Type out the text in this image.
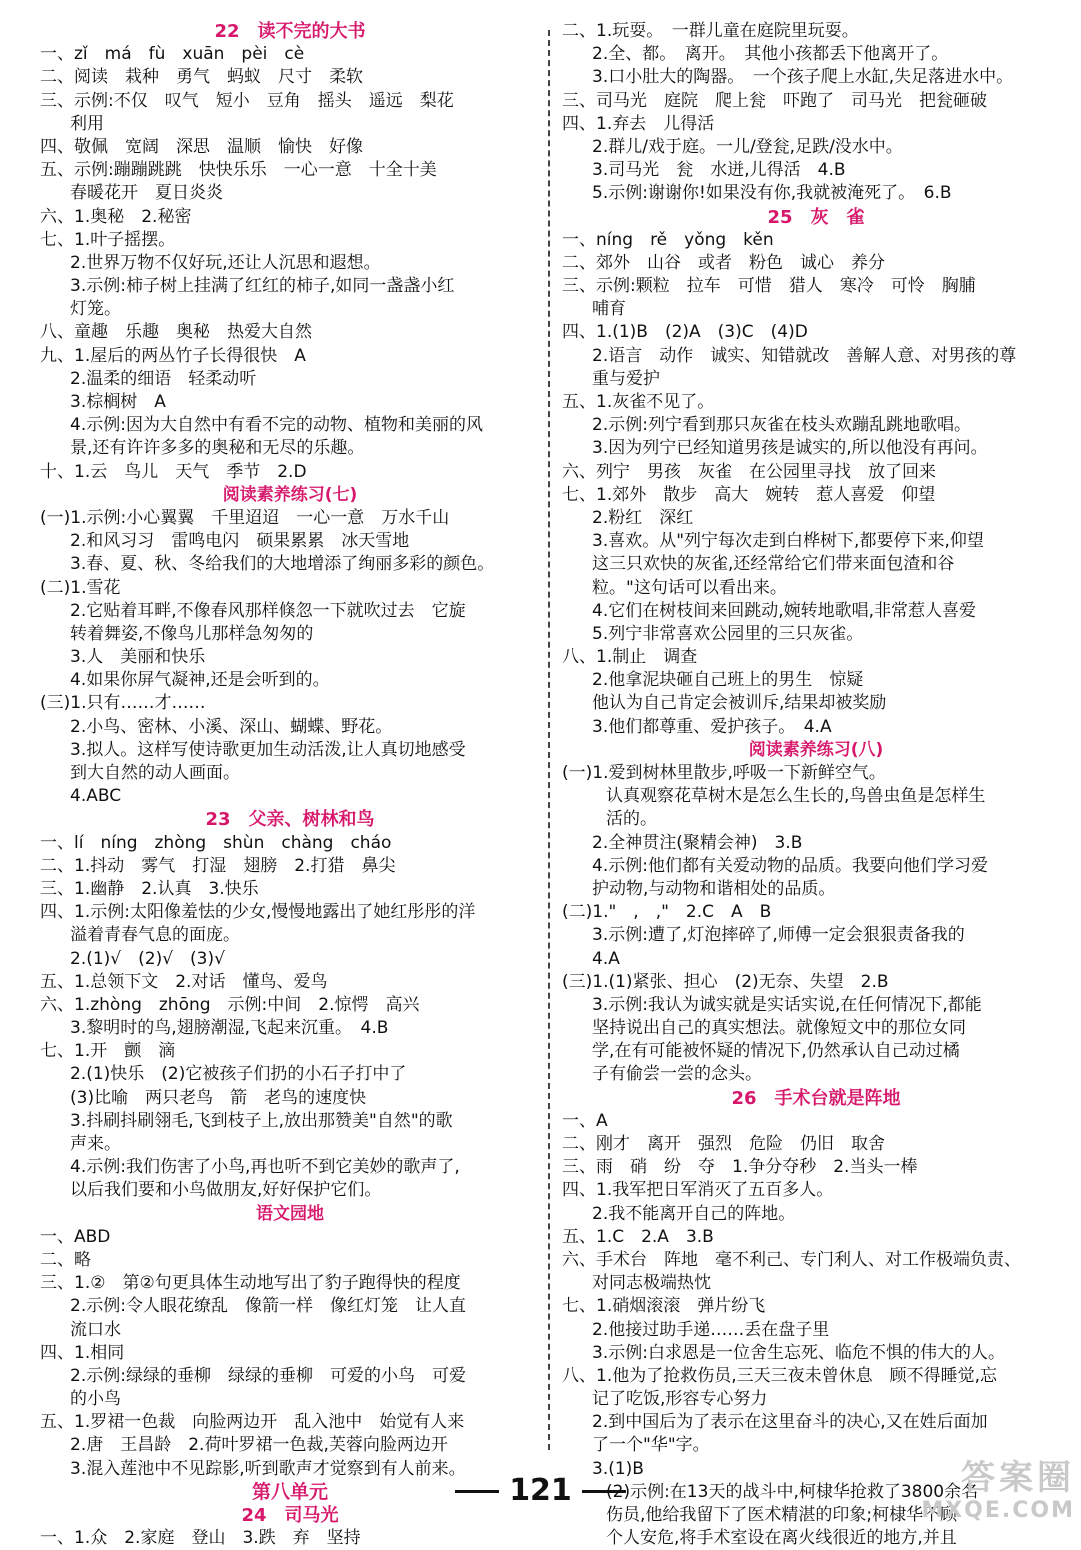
22　读不完的大书
一、zǐ　má　fù　xuān　pèi　cè
二、阅读　栽种　勇气　蚂蚁　尺寸　柔软
三、示例:不仅　叹气　短小　豆角　摇头　遥远　梨花
利用
四、敬佩　宽阔　深思　温顺　愉快　好像
五、示例:蹦蹦跳跳　快快乐乐　一心一意　十全十美
春暖花开　夏日炎炎
六、1.奥秘　2.秘密
七、1.叶子摇摆。
2.世界万物不仅好玩,还让人沉思和遐想。
3.示例:柿子树上挂满了红红的柿子,如同一盏盏小红
灯笼。
八、童趣　乐趣　奥秘　热爱大自然
九、1.屋后的两丛竹子长得很快　A
2.温柔的细语　轻柔动听
3.棕榈树　A
4.示例:因为大自然中有看不完的动物、植物和美丽的风
景,还有许许多多的奥秘和无尽的乐趣。
十、1.云　鸟儿　天气　季节　2.D
阅读素养练习(七)
(一)1.示例:小心翼翼　千里迢迢　一心一意　万水千山
2.和风习习　雷鸣电闪　硕果累累　冰天雪地
3.春、夏、秋、冬给我们的大地增添了绚丽多彩的颜色。
(二)1.雪花
2.它贴着耳畔,不像春风那样倏忽一下就吹过去　它旋
转着舞姿,不像鸟儿那样急匆匆的
3.人　美丽和快乐
4.如果你屏气凝神,还是会听到的。
(三)1.只有……才……
2.小鸟、密林、小溪、深山、蝴蝶、野花。
3.拟人。这样写使诗歌更加生动活泼,让人真切地感受
到大自然的动人画面。
4.ABC
23　父亲、树林和鸟
一、lí　níng　zhòng　shùn　chàng　cháo
二、1.抖动　雾气　打湿　翅膀　2.打猎　鼻尖
三、1.幽静　2.认真　3.快乐
四、1.示例:太阳像羞怯的少女,慢慢地露出了她红彤彤的洋
溢着青春气息的面庞。
2.(1)√　(2)√　(3)√
五、1.总领下文　2.对话　懂鸟、爱鸟
六、1.zhòng　zhōng　示例:中间　2.惊愕　高兴
3.黎明时的鸟,翅膀潮湿,飞起来沉重。　4.B
七、1.开　颤　滴
2.(1)快乐　(2)它被孩子们扔的小石子打中了
(3)比喻　两只老鸟　箭　老鸟的速度快
3.抖刷抖刷翎毛,飞到枝子上,放出那赞美"自然"的歌
声来。
4.示例:我们伤害了小鸟,再也听不到它美妙的歌声了,
以后我们要和小鸟做朋友,好好保护它们。
语文园地
一、ABD
二、略
三、1.②　第②句更具体生动地写出了豹子跑得快的程度
2.示例:令人眼花缭乱　像箭一样　像红灯笼　让人直
流口水
四、1.相同
2.示例:绿绿的垂柳　绿绿的垂柳　可爱的小鸟　可爱
的小鸟
五、1.罗裙一色裁　向脸两边开　乱入池中　始觉有人来
2.唐　王昌龄　2.荷叶罗裙一色裁,芙蓉向脸两边开
3.混入莲池中不见踪影,听到歌声才觉察到有人前来。
第八单元
24　司马光
一、1.众　2.家庭　登山　3.跌　弃　坚持
二、1.玩耍。　一群儿童在庭院里玩耍。
2.全、都。　离开。　其他小孩都丢下他离开了。
3.口小肚大的陶器。　一个孩子爬上水缸,失足落进水中。
三、司马光　庭院　爬上瓮　吓跑了　司马光　把瓮砸破
四、1.弃去　儿得活
2.群儿/戏于庭。一儿/登瓮,足跌/没水中。
3.司马光　瓮　水迸,儿得活　4.B
5.示例:谢谢你!如果没有你,我就被淹死了。　6.B
25　灰　雀
一、níng　rě　yǒng　kěn
二、郊外　山谷　或者　粉色　诚心　养分
三、示例:颗粒　拉车　可惜　猎人　寒冷　可怜　胸脯
哺育
四、1.(1)B　(2)A　(3)C　(4)D
2.语言　动作　诚实、知错就改　善解人意、对男孩的尊
重与爱护
五、1.灰雀不见了。
2.示例:列宁看到那只灰雀在枝头欢蹦乱跳地歌唱。
3.因为列宁已经知道男孩是诚实的,所以他没有再问。
六、列宁　男孩　灰雀　在公园里寻找　放了回来
七、1.郊外　散步　高大　婉转　惹人喜爱　仰望
2.粉红　深红
3.喜欢。从"列宁每次走到白桦树下,都要停下来,仰望
这三只欢快的灰雀,还经常给它们带来面包渣和谷
粒。"这句话可以看出来。
4.它们在树枝间来回跳动,婉转地歌唱,非常惹人喜爱
5.列宁非常喜欢公园里的三只灰雀。
八、1.制止　调查
2.他拿泥块砸自己班上的男生　惊疑
他认为自己肯定会被训斥,结果却被奖励
3.他们都尊重、爱护孩子。　4.A
阅读素养练习(八)
(一)1.爱到树林里散步,呼吸一下新鲜空气。
认真观察花草树木是怎么生长的,鸟兽虫鱼是怎样生
活的。
2.全神贯注(聚精会神)　3.B
4.示例:他们都有关爱动物的品质。我要向他们学习爱
护动物,与动物和谐相处的品质。
(二)1."　,　,"　2.C　A　B
3.示例:遭了,灯泡摔碎了,师傅一定会狠狠责备我的
4.A
(三)1.(1)紧张、担心　(2)无奈、失望　2.B
3.示例:我认为诚实就是实话实说,在任何情况下,都能
坚持说出自己的真实想法。就像短文中的那位女同
学,在有可能被怀疑的情况下,仍然承认自己动过橘
子有偷尝一尝的念头。
26　手术台就是阵地
一、A
二、刚才　离开　强烈　危险　仍旧　取舍
三、雨　硝　纷　夺　1.争分夺秒　2.当头一棒
四、1.我军把日军消灭了五百多人。
2.我不能离开自己的阵地。
五、1.C　2.A　3.B
六、手术台　阵地　毫不利己、专门利人、对工作极端负责、
对同志极端热忱
七、1.硝烟滚滚　弹片纷飞
2.他接过助手递……丢在盘子里
3.示例:白求恩是一位舍生忘死、临危不惧的伟大的人。
八、1.他为了抢救伤员,三天三夜未曾休息　顾不得睡觉,忘
记了吃饭,形容专心努力
2.到中国后为了表示在这里奋斗的决心,又在姓后面加
了一个"华"字。
3.(1)B
(2)示例:在13天的战斗中,柯棣华抢救了3800余名
伤员,他给我留下了医术精湛的印象;柯棣华不顾
个人安危,将手术室设在离火线很近的地方,并且
121	答案圈
MXQE.COM
